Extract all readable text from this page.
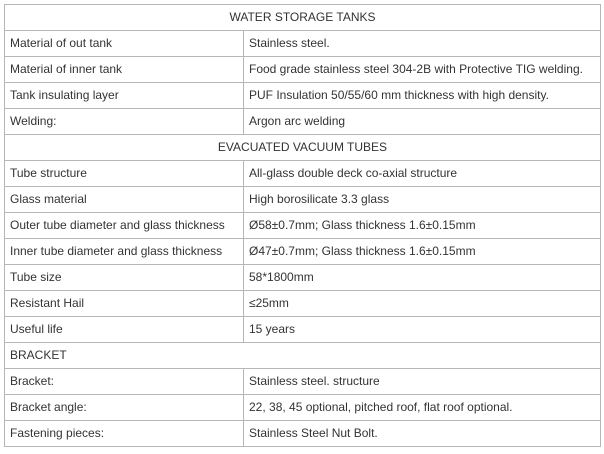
WATER STORAGE TANKS	
Material of out tank	Stainless steel.
Material of inner tank	Food grade stainless steel 304-2B with Protective TIG welding.
Tank insulating layer	PUF Insulation 50/55/60 mm thickness with high density.
Welding:	Argon arc welding
EVACUATED VACUUM TUBES	
Tube structure	All-glass double deck co-axial structure
Glass material	High borosilicate 3.3 glass
Outer tube diameter and glass thickness	Ø58±0.7mm; Glass thickness 1.6±0.15mm
Inner tube diameter and glass thickness	Ø47±0.7mm; Glass thickness 1.6±0.15mm
Tube size	58*1800mm
Resistant Hail	≤25mm
Useful life	15 years
BRACKET	
Bracket:	Stainless steel. structure
Bracket angle:	22, 38, 45 optional, pitched roof, flat roof optional.
Fastening pieces:	Stainless Steel Nut Bolt.
